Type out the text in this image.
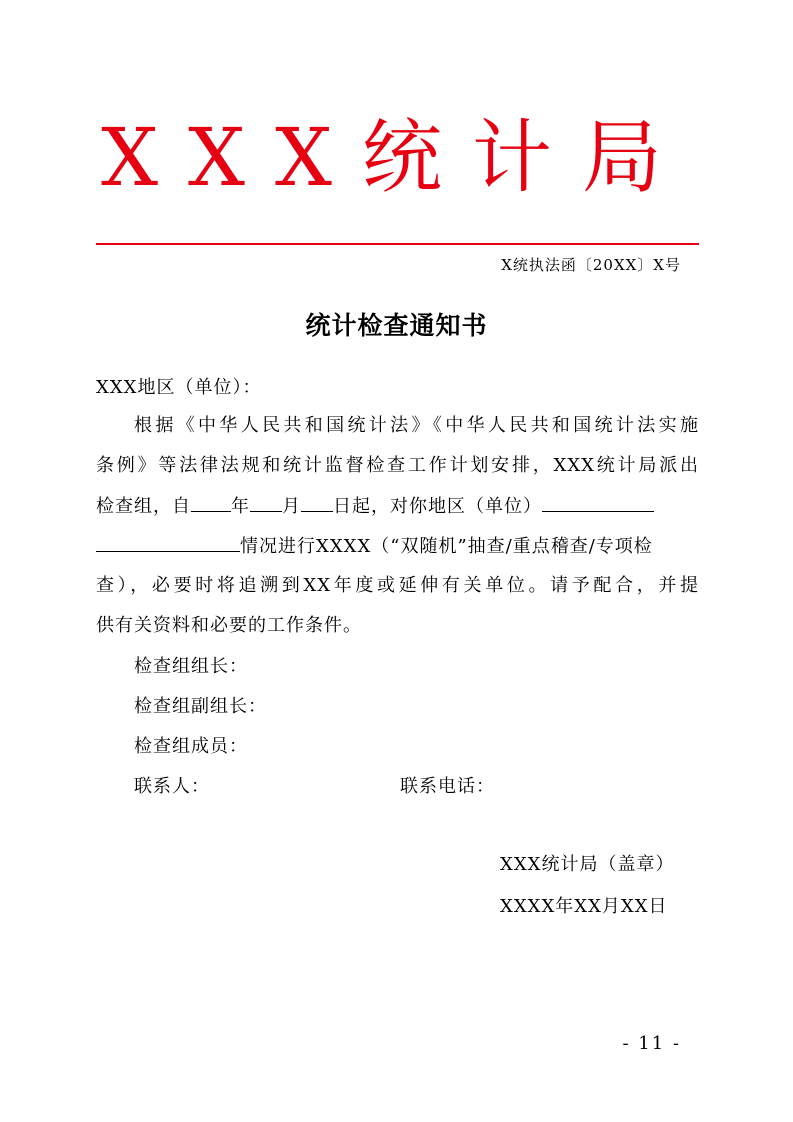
XXX统计局
X统执法函〔20XX〕X号
统计检查通知书
XXX地区（单位）：
根据《中华人民共和国统计法》《中华人民共和国统计法实施
条例》等法律法规和统计监督检查工作计划安排，XXX统计局派出
检查组，自 年 月 日起，对你地区（单位）
情况进行XXXX（“双随机”抽查/重点稽查/专项检
查），必要时将追溯到XX年度或延伸有关单位。请予配合，并提
供有关资料和必要的工作条件。
检查组组长：
检查组副组长：
检查组成员：
联系人：	联系电话：
XXX统计局（盖章）
XXXX年XX月XX日
- 11 -
